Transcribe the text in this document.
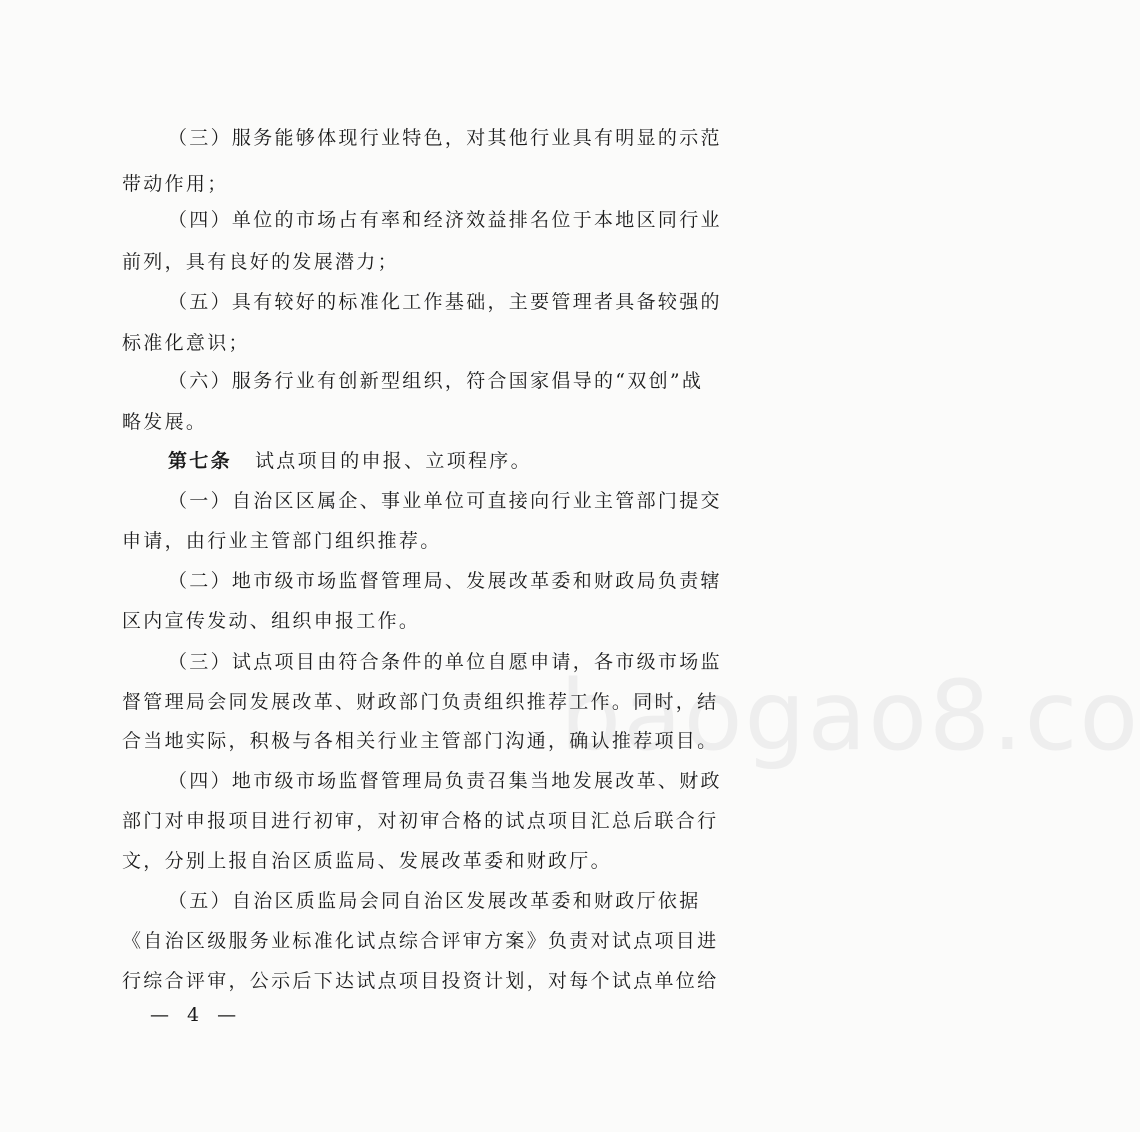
baogao8.co
（三）服务能够体现行业特色，对其他行业具有明显的示范
带动作用；
（四）单位的市场占有率和经济效益排名位于本地区同行业
前列，具有良好的发展潜力；
（五）具有较好的标准化工作基础，主要管理者具备较强的
标准化意识；
（六）服务行业有创新型组织，符合国家倡导的“双创”战
略发展。
第七条 试点项目的申报、立项程序。
（一）自治区区属企、事业单位可直接向行业主管部门提交
申请，由行业主管部门组织推荐。
（二）地市级市场监督管理局、发展改革委和财政局负责辖
区内宣传发动、组织申报工作。
（三）试点项目由符合条件的单位自愿申请，各市级市场监
督管理局会同发展改革、财政部门负责组织推荐工作。同时，结
合当地实际，积极与各相关行业主管部门沟通，确认推荐项目。
（四）地市级市场监督管理局负责召集当地发展改革、财政
部门对申报项目进行初审，对初审合格的试点项目汇总后联合行
文，分别上报自治区质监局、发展改革委和财政厅。
（五）自治区质监局会同自治区发展改革委和财政厅依据
《自治区级服务业标准化试点综合评审方案》负责对试点项目进
行综合评审，公示后下达试点项目投资计划，对每个试点单位给
— 4 —
